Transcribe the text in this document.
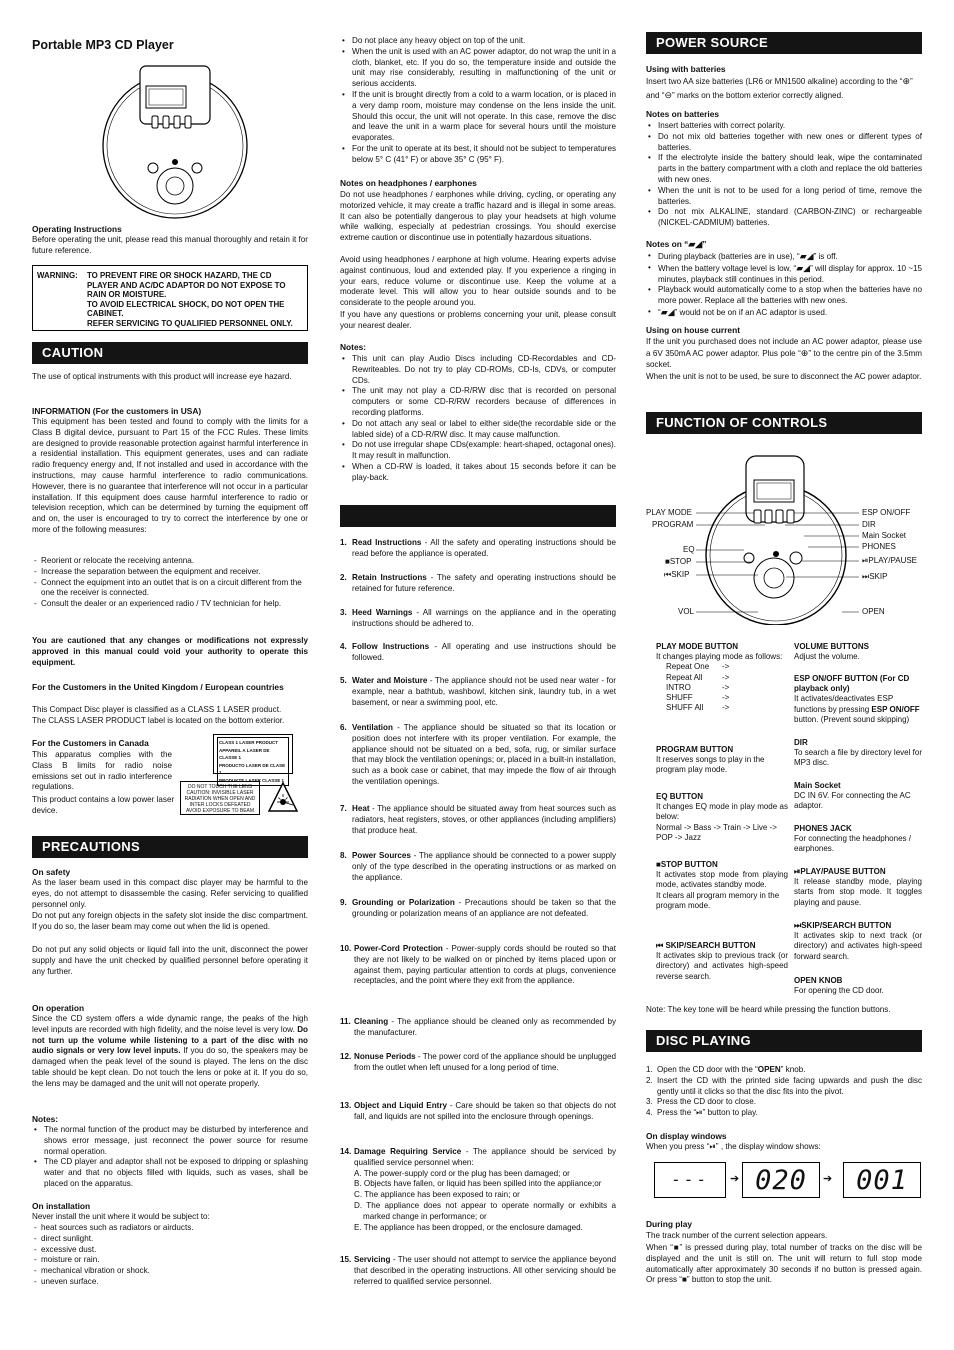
Portable MP3 CD Player
Operating Instructions

Before operating the unit, please read this manual thoroughly and retain it for future reference.

WARNING:	TO PREVENT FIRE OR SHOCK HAZARD, THE CD PLAYER AND AC/DC ADAPTOR DO NOT EXPOSE TO RAIN OR MOISTURE.
TO AVOID ELECTRICAL SHOCK, DO NOT OPEN THE CABINET.
REFER SERVICING TO QUALIFIED PERSONNEL ONLY.
CAUTION

The use of optical instruments with this product will increase eye hazard.

INFORMATION (For the customers in USA)

This equipment has been tested and found to comply with the limits for a Class B digital device, pursuant to Part 15 of the FCC Rules. These limits are designed to provide reasonable protection against harmful interference in a residential installation. This equipment generates, uses and can radiate radio frequency energy and, If not installed and used in accordance with the instructions, may cause harmful interference to radio communications. However, there is no guarantee that interference will not occur in a particular installation. If this equipment does cause harmful interference to radio or television reception, which can be determined by turning the equipment off and on, the user is encouraged to try to correct the interference by one or more of the following measures:

- Reorient or relocate the receiving antenna.
- Increase the separation between the equipment and receiver.
- Connect the equipment into an outlet that is on a circuit different from the one the receiver is connected.
- Consult the dealer or an experienced radio / TV technician for help.

You are cautioned that any changes or modifications not expressly approved in this manual could void your authority to operate this equipment.

For the Customers in the United Kingdom / European countries

This Compact Disc player is classified as a CLASS 1 LASER product.

The CLASS LASER PRODUCT label is located on the bottom exterior.

For the Customers in Canada

This apparatus complies with the Class B limits for radio noise emissions set out in radio interference regulations.

This product contains a low power laser device.

CLASS 1 LASER PRODUCT
APPAREIL A LASER DE CLASSE 1
PRODUCTO LASER DE CLASE 1
PRODUKTE LASER CLASSE 1
DO NOT TOUCH THE LENS CAUTION: INVISIBLE LASER RADIATION WHEN OPEN AND INTER LOCKS DEFEATED AVOID EXPOSURE TO BEAM
PRECAUTIONS
On safety

As the laser beam used in this compact disc player may be harmful to the eyes, do not attempt to disassemble the casing. Refer servicing to qualified personnel only.

Do not put any foreign objects in the safety slot inside the disc compartment. If you do so, the laser beam may come out when the lid is opened.

Do not put any solid objects or liquid fall into the unit, disconnect the power supply and have the unit checked by qualified personnel before operating it any further.

On operation

Since the CD system offers a wide dynamic range, the peaks of the high level inputs are recorded with high fidelity, and the noise level is very low. Do not turn up the volume while listening to a part of the disc with no audio signals or very low level inputs. If you do so, the speakers may be damaged when the peak level of the sound is played. The lens on the disc table should be kept clean. Do not touch the lens or poke at it. If you do so, the lens may be damaged and the unit will not operate properly.

Notes:
• The normal function of the product may be disturbed by interference and shows error message, just reconnect the power source for resume normal operation.
• The CD player and adaptor shall not be exposed to dripping or splashing water and that no objects filled with liquids, such as vases, shall be placed on the apparatus.
On installation

Never install the unit where it would be subject to:

- heat sources such as radiators or airducts.
- direct sunlight.
- excessive dust.
- moisture or rain.
- mechanical vibration or shock.
- uneven surface.
• Do not place any heavy object on top of the unit.
• When the unit is used with an AC power adaptor, do not wrap the unit in a cloth, blanket, etc. If you do so, the temperature inside and outside the unit may rise considerably, resulting in malfunctioning of the unit or serious accidents.
• If the unit is brought directly from a cold to a warm location, or is placed in a very damp room, moisture may condense on the lens inside the unit. Should this occur, the unit will not operate. In this case, remove the disc and leave the unit in a warm place for several hours until the moisture evaporates.
• For the unit to operate at its best, it should not be subject to temperatures below 5° C (41° F) or above 35° C (95° F).
Notes on headphones / earphones

Do not use headphones / earphones while driving, cycling, or operating any motorized vehicle, it may create a traffic hazard and is illegal in some areas. It can also be potentially dangerous to play your headsets at high volume while walking, especially at pedestrian crossings. You should exercise extreme caution or discontinue use in potentially hazardous situations.

Avoid using headphones / earphone at high volume. Hearing experts advise against continuous, loud and extended play. If you experience a ringing in your ears, reduce volume or discontinue use. Keep the volume at a moderate level. This will allow you to hear outside sounds and to be considerate to the people around you.

If you have any questions or problems concerning your unit, please consult your nearest dealer.

Notes:
• This unit can play Audio Discs including CD-Recordables and CD-Rewriteables. Do not try to play CD-ROMs, CD-Is, CDVs, or computer CDs.
• The unit may not play a CD-R/RW disc that is recorded on personal computers or some CD-R/RW recorders because of differences in recording platforms.
• Do not attach any seal or label to either side(the recordable side or the labled side) of a CD-R/RW disc. It may cause malfunction.
• Do not use irregular shape CDs(example: heart-shaped, octagonal ones). It may result in malfunction.
• When a CD-RW is loaded, it takes about 15 seconds before it can be play-back.
1. Read Instructions - All the safety and operating instructions should be read before the appliance is operated.
2. Retain Instructions - The safety and operating instructions should be retained for future reference.
3. Heed Warnings - All warnings on the appliance and in the operating instructions should be adhered to.
4. Follow Instructions - All operating and use instructions should be followed.
5. Water and Moisture - The appliance should not be used near water - for example, near a bathtub, washbowl, kitchen sink, laundry tub, in a wet basement, or near a swimming pool, etc.
6. Ventilation - The appliance should be situated so that its location or position does not interfere with its proper ventilation. For example, the appliance should not be situated on a bed, sofa, rug, or similar surface that may block the ventilation openings; or, placed in a built-in installation, such as a book case or cabinet, that may impede the flow of air through the ventilation openings.
7. Heat - The appliance should be situated away from heat sources such as radiators, heat registers, stoves, or other appliances (including amplifiers) that produce heat.
8. Power Sources - The appliance should be connected to a power supply only of the type described in the operating instructions or as marked on the appliance.
9. Grounding or Polarization - Precautions should be taken so that the grounding or polarization means of an appliance are not defeated.
10. Power-Cord Protection - Power-supply cords should be routed so that they are not likely to be walked on or pinched by items placed upon or against them, paying particular attention to cords at plugs, convenience receptacles, and the point where they exit from the appliance.
11. Cleaning - The appliance should be cleaned only as recommended by the manufacturer.
12. Nonuse Periods - The power cord of the appliance should be unplugged from the outlet when left unused for a long period of time.
13. Object and Liquid Entry - Care should be taken so that objects do not fall, and liquids are not spilled into the enclosure through openings.
14. Damage Requiring Service - The appliance should be serviced by qualified service personnel when:
A. The power-supply cord or the plug has been damaged; or
B. Objects have fallen, or liquid has been spilled into the appliance;or
C. The appliance has been exposed to rain; or
D. The appliance does not appear to operate normally or exhibits a marked change in performance; or
E. The appliance has been dropped, or the enclosure damaged.
15. Servicing - The user should not attempt to service the appliance beyond that described in the operating instructions. All other servicing should be referred to qualified service personnel.
POWER SOURCE
Using with batteries

Insert two AA size batteries (LR6 or MN1500 alkaline) according to the “⊕” and “⊖” marks on the bottom exterior correctly aligned.

Notes on batteries
• Insert batteries with correct polarity.
• Do not mix old batteries together with new ones or different types of batteries.
• If the electrolyte inside the battery should leak, wipe the contaminated parts in the battery compartment with a cloth and replace the old batteries with new ones.
• When the unit is not to be used for a long period of time, remove the batteries.
• Do not mix ALKALINE, standard (CARBON-ZINC) or rechargeable (NICKEL-CADMIUM) batteries.
Notes on “▰◢”
• During playback (batteries are in use), “▰◢” is off.
• When the battery voltage level is low, “▰◢” will display for approx. 10 ~15 minutes, playback still continues in this period.
• Playback would automatically come to a stop when the batteries have no more power. Replace all the batteries with new ones.
• “▰◢” would not be on if an AC adaptor is used.
Using on house current

If the unit you purchased does not include an AC power adaptor, please use a 6V 350mA AC power adaptor. Plus pole “⊕” to the centre pin of the 3.5mm socket.

When the unit is not to be used, be sure to disconnect the AC power adaptor.

FUNCTION OF CONTROLS
PLAY MODE
PROGRAM
EQ
■STOP
⏮SKIP
VOL
ESP ON/OFF
DIR
Main Socket
PHONES
⏯PLAY/PAUSE
⏭SKIP
OPEN
PLAY MODE BUTTON
It changes playing mode as follows:
Repeat One ->
Repeat All ->
INTRO	->
SHUFF	->
SHUFF All ->
PROGRAM BUTTON
It reserves songs to play in the program play mode.
EQ BUTTON
It changes EQ mode in play mode as below:
Normal -> Bass -> Train -> Live -> POP -> Jazz
■STOP BUTTON
It activates stop mode from playing mode, activates standby mode.
It clears all program memory in the program mode.
⏮ SKIP/SEARCH BUTTON
It activates skip to previous track (or directory) and activates high-speed reverse search.
VOLUME BUTTONS
Adjust the volume.
ESP ON/OFF BUTTON (For CD playback only)
It activates/deactivates ESP functions by pressing ESP ON/OFF button. (Prevent sound skipping)
DIR
To search a file by directory level for MP3 disc.
Main Socket
DC IN 6V. For connecting the AC adaptor.
PHONES JACK
For connecting the headphones / earphones.
⏯PLAY/PAUSE BUTTON
It release standby mode, playing starts from stop mode. It toggles playing and pause.
⏭SKIP/SEARCH BUTTON
It activates skip to next track (or directory) and activates high-speed forward search.
OPEN KNOB
For opening the CD door.
Note: The key tone will be heard while pressing the function buttons.
DISC PLAYING
1. Open the CD door with the “OPEN” knob.
2. Insert the CD with the printed side facing upwards and push the disc gently until it clicks so that the disc fits into the pivot.
3. Press the CD door to close.
4. Press the “⏯” button to play.
On display windows

When you press “⏯” , the display window shows:

---	➔ 020	➔ 001
During play

The track number of the current selection appears.

When “■” is pressed during play, total number of tracks on the disc will be displayed and the unit is still on. The unit will return to full stop mode automatically after approximately 30 seconds if no button is pressed again. Or press “■” button to stop the unit.
